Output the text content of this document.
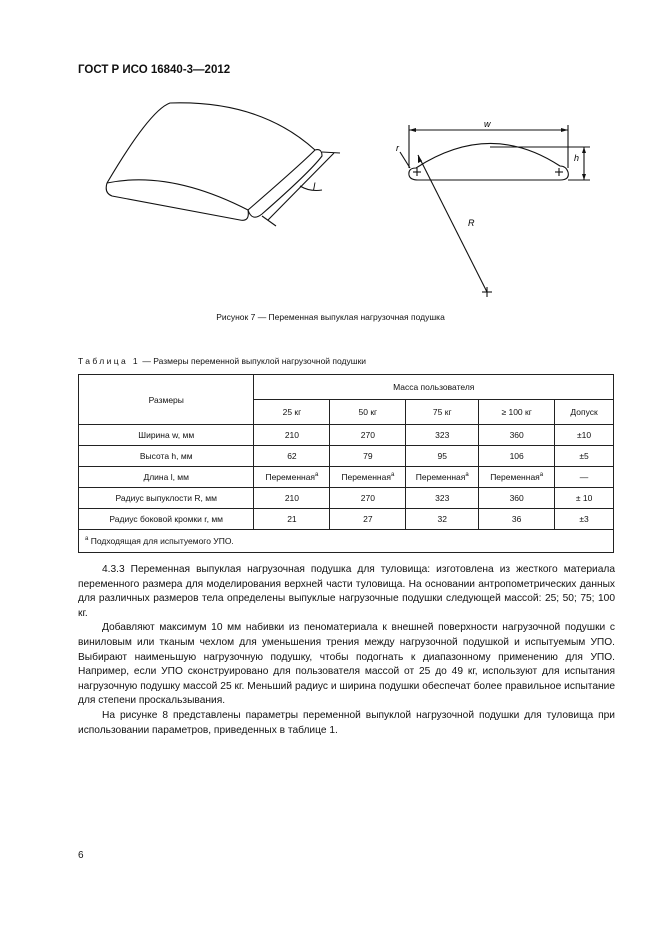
ГОСТ Р ИСО 16840-3—2012
l
w
h
r
R
Рисунок 7 — Переменная выпуклая нагрузочная подушка
Таблица 1 — Размеры переменной выпуклой нагрузочной подушки
Размеры	Масса пользователя				
	25 кг	50 кг	75 кг	≥ 100 кг	Допуск
Ширина w, мм	210	270	323	360	±10
Высота h, мм	62	79	95	106	±5
Длина l, мм	Переменная$^а$	Переменная$^а$	Переменная$^а$	Переменная$^а$	—
Радиус выпуклости R, мм	210	270	323	360	± 10
Радиус боковой кромки r, мм	21	27	32	36	±3
$^а$ Подходящая для испытуемого УПО.					

4.3.3 Переменная выпуклая нагрузочная подушка для туловища: изготовлена из жесткого материала переменного размера для моделирования верхней части туловища. На основании антропометрических данных для различных размеров тела определены выпуклые нагрузочные подушки следующей массой: 25; 50; 75; 100 кг.

Добавляют максимум 10 мм набивки из пеноматериала к внешней поверхности нагрузочной подушки с виниловым или тканым чехлом для уменьшения трения между нагрузочной подушкой и испытуемым УПО. Выбирают наименьшую нагрузочную подушку, чтобы подогнать к диапазонному применению для УПО. Например, если УПО сконструировано для пользователя массой от 25 до 49 кг, используют для испытания нагрузочную подушку массой 25 кг. Меньший радиус и ширина подушки обеспечат более правильное испытание для степени проскальзывания.

На рисунке 8 представлены параметры переменной выпуклой нагрузочной подушки для туловища при использовании параметров, приведенных в таблице 1.

6
